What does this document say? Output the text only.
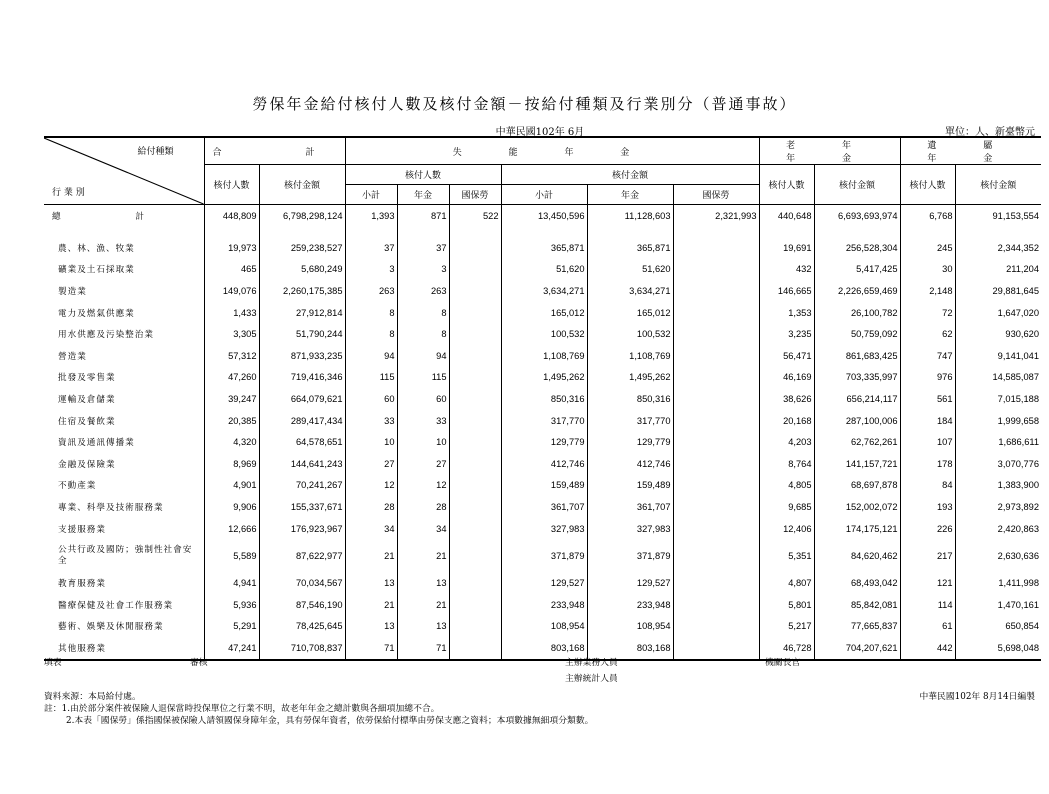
勞保年金給付核付人數及核付金額－按給付種類及行業別分（普通事故）
中華民國102年 6月	單位：人、新臺幣元
給付種類
行 業 別	合　　計		失 能 年 金						老 年 年 金		遺 屬 年 金	
	核付人數	核付金額	核付人數			核付金額			核付人數	核付金額	核付人數	核付金額
			小計	年金	國保勞	小計	年金	國保勞				
總 計	448,809	6,798,298,124	1,393	871	522	13,450,596	11,128,603	2,321,993	440,648	6,693,693,974	6,768	91,153,554

農、林、漁、牧業	19,973	259,238,527	37	37		365,871	365,871		19,691	256,528,304	245	2,344,352
礦業及土石採取業	465	5,680,249	3	3		51,620	51,620		432	5,417,425	30	211,204
製造業	149,076	2,260,175,385	263	263		3,634,271	3,634,271		146,665	2,226,659,469	2,148	29,881,645
電力及燃氣供應業	1,433	27,912,814	8	8		165,012	165,012		1,353	26,100,782	72	1,647,020
用水供應及污染整治業	3,305	51,790,244	8	8		100,532	100,532		3,235	50,759,092	62	930,620
營造業	57,312	871,933,235	94	94		1,108,769	1,108,769		56,471	861,683,425	747	9,141,041
批發及零售業	47,260	719,416,346	115	115		1,495,262	1,495,262		46,169	703,335,997	976	14,585,087
運輸及倉儲業	39,247	664,079,621	60	60		850,316	850,316		38,626	656,214,117	561	7,015,188
住宿及餐飲業	20,385	289,417,434	33	33		317,770	317,770		20,168	287,100,006	184	1,999,658
資訊及通訊傳播業	4,320	64,578,651	10	10		129,779	129,779		4,203	62,762,261	107	1,686,611
金融及保險業	8,969	144,641,243	27	27		412,746	412,746		8,764	141,157,721	178	3,070,776
不動產業	4,901	70,241,267	12	12		159,489	159,489		4,805	68,697,878	84	1,383,900
專業、科學及技術服務業	9,906	155,337,671	28	28		361,707	361,707		9,685	152,002,072	193	2,973,892
支援服務業	12,666	176,923,967	34	34		327,983	327,983		12,406	174,175,121	226	2,420,863
公共行政及國防；強制性社會安全	5,589	87,622,977	21	21		371,879	371,879		5,351	84,620,462	217	2,630,636
教育服務業	4,941	70,034,567	13	13		129,527	129,527		4,807	68,493,042	121	1,411,998
醫療保健及社會工作服務業	5,936	87,546,190	21	21		233,948	233,948		5,801	85,842,081	114	1,470,161
藝術、娛樂及休閒服務業	5,291	78,425,645	13	13		108,954	108,954		5,217	77,665,837	61	650,854
其他服務業	47,241	710,708,837	71	71		803,168	803,168		46,728	704,207,621	442	5,698,048
填表	審核	主辦業務人員
主辦統計人員
機關長官
資料來源：本局給付處。	中華民國102年 8月14日編製
註：1.由於部分案件被保險人退保當時投保單位之行業不明，故老年年金之總計數與各細項加總不合。
2.本表「國保勞」係指國保被保險人請領國保身障年金，具有勞保年資者，依勞保給付標準由勞保支應之資料；本項數據無細項分類數。
